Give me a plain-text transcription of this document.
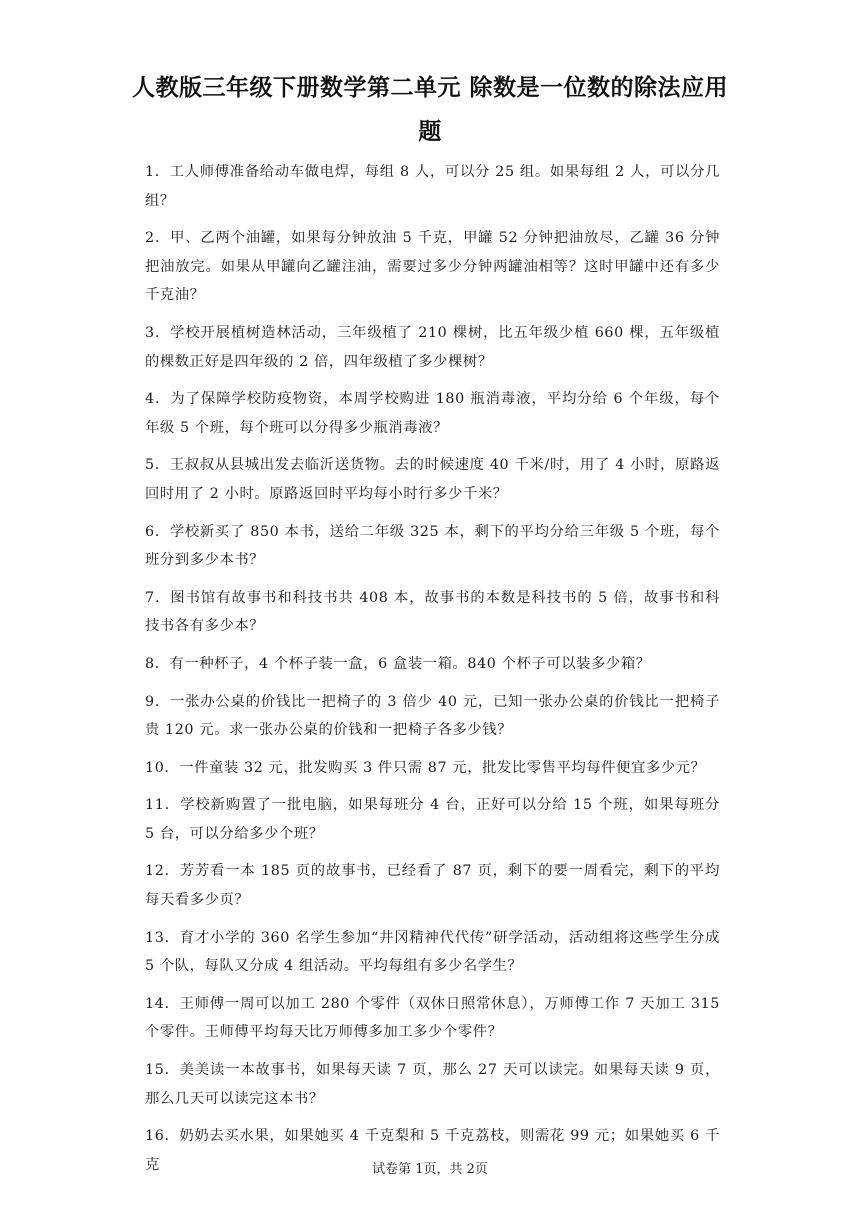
人教版三年级下册数学第二单元 除数是一位数的除法应用
题

1．工人师傅准备给动车做电焊，每组 8 人，可以分 25 组。如果每组 2 人，可以分几组？

2．甲、乙两个油罐，如果每分钟放油 5 千克，甲罐 52 分钟把油放尽，乙罐 36 分钟把油放完。如果从甲罐向乙罐注油，需要过多少分钟两罐油相等？这时甲罐中还有多少千克油？

3．学校开展植树造林活动，三年级植了 210 棵树，比五年级少植 660 棵，五年级植的棵数正好是四年级的 2 倍，四年级植了多少棵树？

4．为了保障学校防疫物资，本周学校购进 180 瓶消毒液，平均分给 6 个年级，每个年级 5 个班，每个班可以分得多少瓶消毒液？

5．王叔叔从县城出发去临沂送货物。去的时候速度 40 千米/时，用了 4 小时，原路返回时用了 2 小时。原路返回时平均每小时行多少千米？

6．学校新买了 850 本书，送给二年级 325 本，剩下的平均分给三年级 5 个班，每个班分到多少本书？

7．图书馆有故事书和科技书共 408 本，故事书的本数是科技书的 5 倍，故事书和科技书各有多少本？

8．有一种杯子，4 个杯子装一盒，6 盒装一箱。840 个杯子可以装多少箱？

9．一张办公桌的价钱比一把椅子的 3 倍少 40 元，已知一张办公桌的价钱比一把椅子贵 120 元。求一张办公桌的价钱和一把椅子各多少钱？

10．一件童装 32 元，批发购买 3 件只需 87 元，批发比零售平均每件便宜多少元？

11．学校新购置了一批电脑，如果每班分 4 台，正好可以分给 15 个班，如果每班分 5 台，可以分给多少个班？

12．芳芳看一本 185 页的故事书，已经看了 87 页，剩下的要一周看完，剩下的平均每天看多少页？

13．育才小学的 360 名学生参加“井冈精神代代传”研学活动，活动组将这些学生分成 5 个队，每队又分成 4 组活动。平均每组有多少名学生？

14．王师傅一周可以加工 280 个零件（双休日照常休息），万师傅工作 7 天加工 315 个零件。王师傅平均每天比万师傅多加工多少个零件？

15．美美读一本故事书，如果每天读 7 页，那么 27 天可以读完。如果每天读 9 页，那么几天可以读完这本书？

16．奶奶去买水果，如果她买 4 千克梨和 5 千克荔枝，则需花 99 元；如果她买 6 千克	试卷第 1页，共 2页
